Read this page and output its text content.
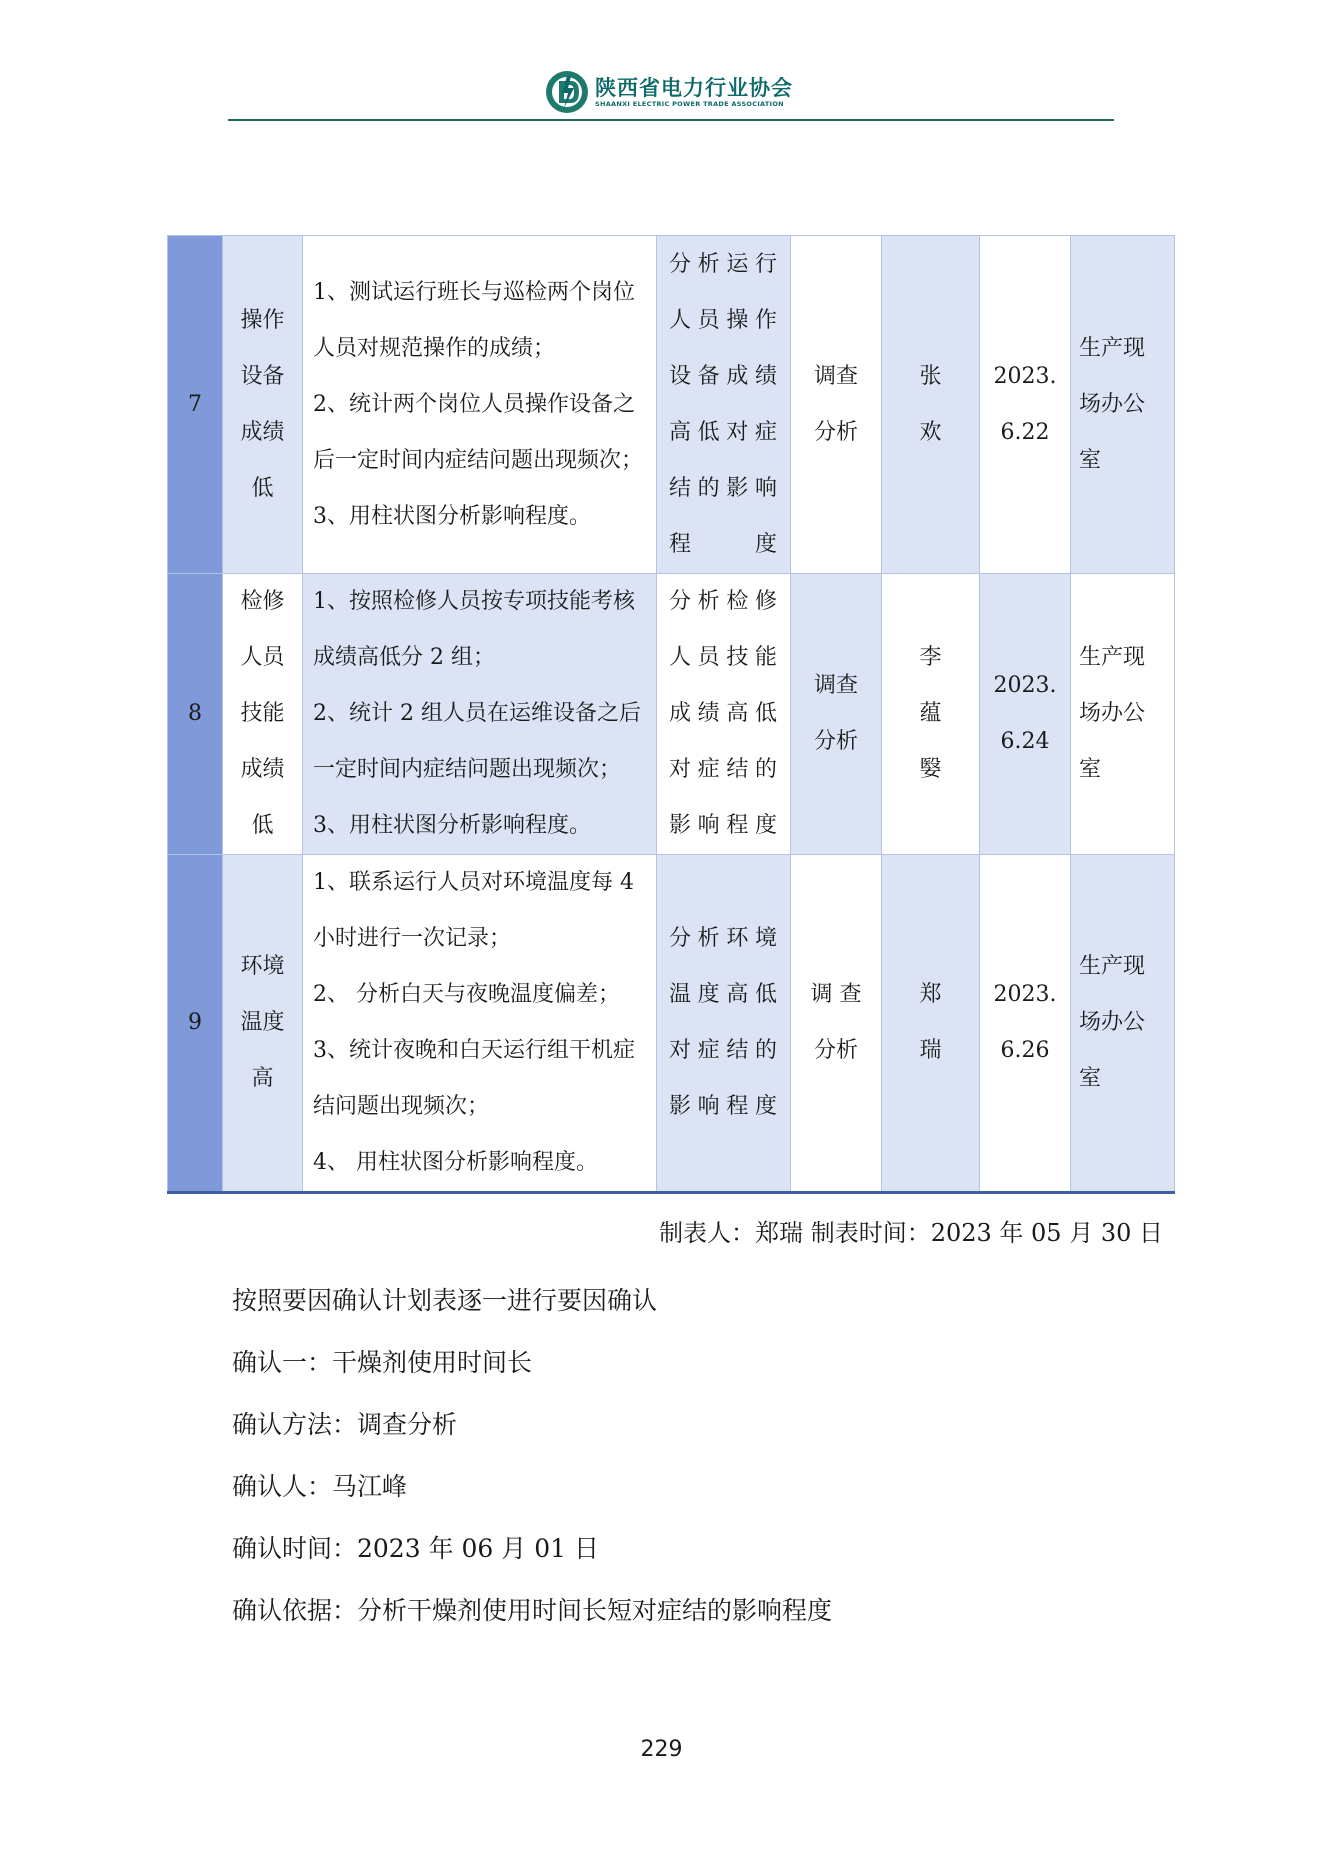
陕西省电力行业协会
SHAANXI ELECTRIC POWER TRADE ASSOCIATION
7	操作设备成绩低	1、测试运行班长与巡检两个岗位人员对规范操作的成绩；
2、统计两个岗位人员操作设备之后一定时间内症结问题出现频次；
3、用柱状图分析影响程度。	分析运行人员操作设备成绩高低对症结的影响程度	调查分析	张欢	2023.6.22	生产现场办公室

8	检修人员技能成绩低	1、按照检修人员按专项技能考核成绩高低分 2 组；
2、统计 2 组人员在运维设备之后一定时间内症结问题出现频次；
3、用柱状图分析影响程度。	分析检修人员技能成绩高低对症结的影响程度	调查分析	李蕴嫛	2023.6.24	生产现场办公室

9	环境温度高	1、联系运行人员对环境温度每 4 小时进行一次记录；
2、 分析白天与夜晚温度偏差；
3、统计夜晚和白天运行组干机症结问题出现频次；
4、 用柱状图分析影响程度。	分析环境温度高低对症结的影响程度	调 查分析	郑瑞	2023.6.26	生产现场办公室
制表人：郑瑞 制表时间：2023 年 05 月 30 日
按照要因确认计划表逐一进行要因确认
确认一：干燥剂使用时间长
确认方法：调查分析
确认人：马江峰
确认时间：2023 年 06 月 01 日
确认依据：分析干燥剂使用时间长短对症结的影响程度
229
